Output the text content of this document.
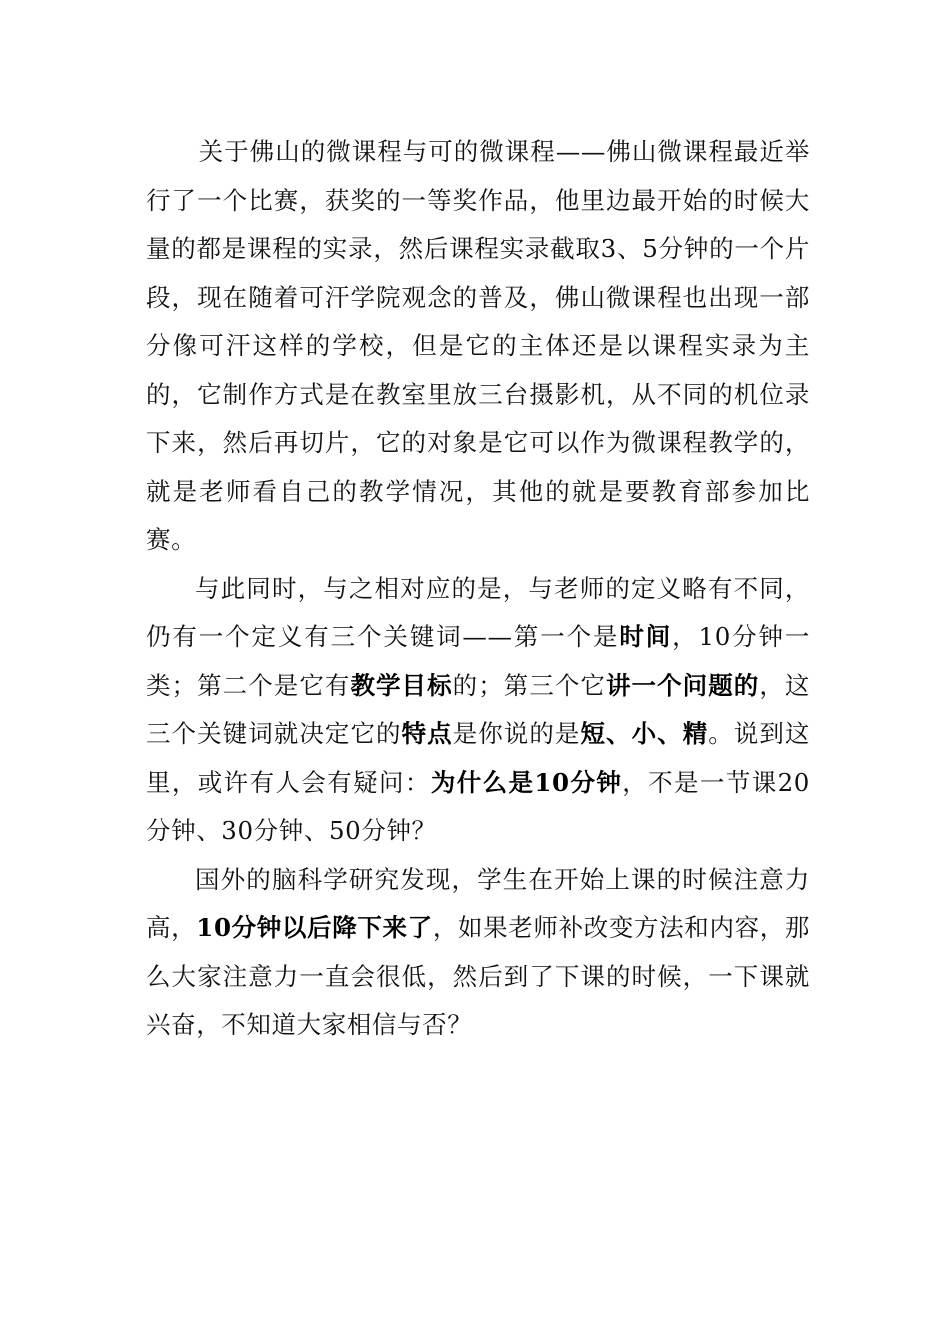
关于佛山的微课程与可的微课程——佛山微课程最近举行了一个比赛，获奖的一等奖作品，他里边最开始的时候大量的都是课程的实录，然后课程实录截取3、5分钟的一个片段，现在随着可汗学院观念的普及，佛山微课程也出现一部分像可汗这样的学校，但是它的主体还是以课程实录为主的，它制作方式是在教室里放三台摄影机，从不同的机位录下来，然后再切片，它的对象是它可以作为微课程教学的，就是老师看自己的教学情况，其他的就是要教育部参加比赛。

与此同时，与之相对应的是，与老师的定义略有不同，仍有一个定义有三个关键词——第一个是时间，10分钟一类；第二个是它有教学目标的；第三个它讲一个问题的，这三个关键词就决定它的特点是你说的是短、小、精。说到这里，或许有人会有疑问：为什么是10分钟，不是一节课20分钟、30分钟、50分钟？

国外的脑科学研究发现，学生在开始上课的时候注意力高，10分钟以后降下来了，如果老师补改变方法和内容，那么大家注意力一直会很低，然后到了下课的时候，一下课就兴奋，不知道大家相信与否？
